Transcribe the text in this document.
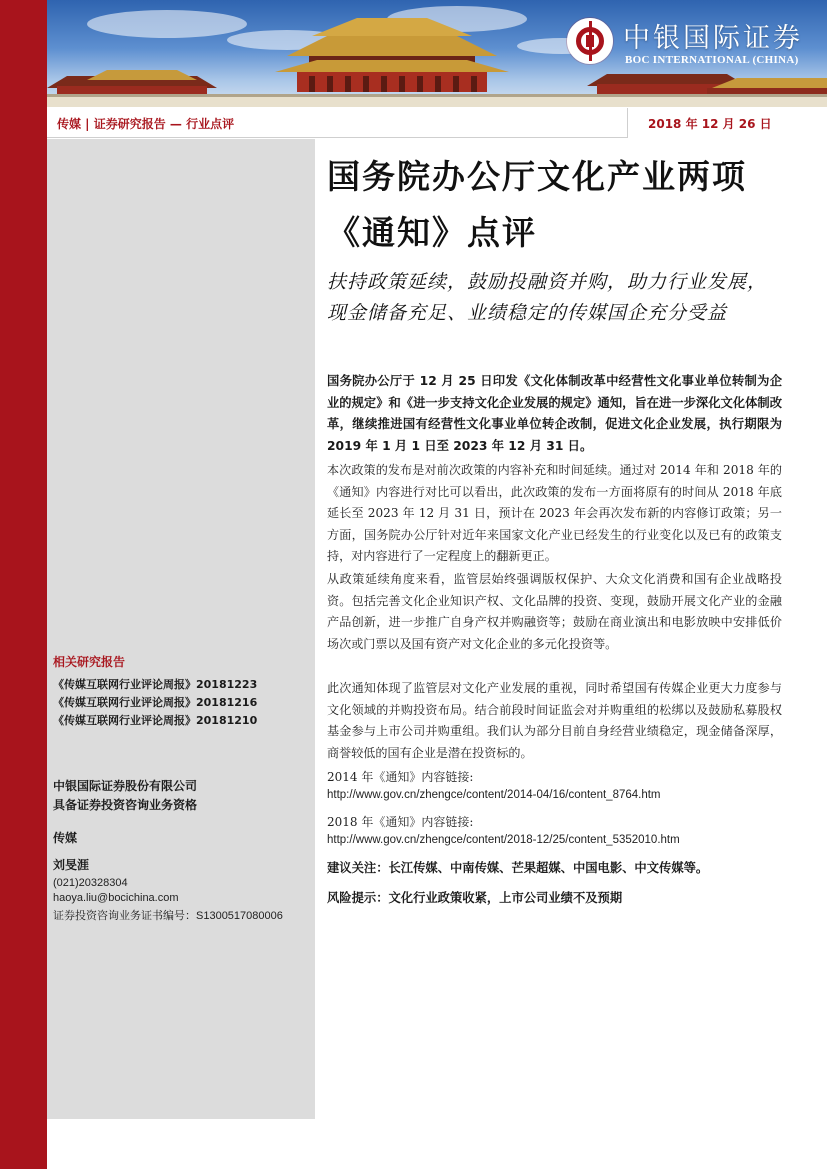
中银国际证券
BOC INTERNATIONAL (CHINA)
传媒 | 证券研究报告 — 行业点评	2018 年 12 月 26 日
相关研究报告
《传媒互联网行业评论周报》20181223
《传媒互联网行业评论周报》20181216
《传媒互联网行业评论周报》20181210
中银国际证券股份有限公司
具备证券投资咨询业务资格
传媒
刘旻涯
(021)20328304
haoya.liu@bocichina.com
证券投资咨询业务证书编号：S1300517080006
国务院办公厅文化产业两项《通知》点评
扶持政策延续，鼓励投融资并购，助力行业发展，现金储备充足、业绩稳定的传媒国企充分受益
国务院办公厅于 12 月 25 日印发《文化体制改革中经营性文化事业单位转制为企业的规定》和《进一步支持文化企业发展的规定》通知，旨在进一步深化文化体制改革，继续推进国有经营性文化事业单位转企改制，促进文化企业发展，执行期限为 2019 年 1 月 1 日至 2023 年 12 月 31 日。
本次政策的发布是对前次政策的内容补充和时间延续。通过对 2014 年和 2018 年的《通知》内容进行对比可以看出，此次政策的发布一方面将原有的时间从 2018 年底延长至 2023 年 12 月 31 日，预计在 2023 年会再次发布新的内容修订政策；另一方面，国务院办公厅针对近年来国家文化产业已经发生的行业变化以及已有的政策支持，对内容进行了一定程度上的翻新更正。
从政策延续角度来看，监管层始终强调版权保护、大众文化消费和国有企业战略投资。包括完善文化企业知识产权、文化品牌的投资、变现，鼓励开展文化产业的金融产品创新，进一步推广自身产权并购融资等；鼓励在商业演出和电影放映中安排低价场次或门票以及国有资产对文化企业的多元化投资等。
此次通知体现了监管层对文化产业发展的重视，同时希望国有传媒企业更大力度参与文化领域的并购投资布局。结合前段时间证监会对并购重组的松绑以及鼓励私募股权基金参与上市公司并购重组。我们认为部分目前自身经营业绩稳定，现金储备深厚，商誉较低的国有企业是潜在投资标的。
2014 年《通知》内容链接:
http://www.gov.cn/zhengce/content/2014-04/16/content_8764.htm
2018 年《通知》内容链接:
http://www.gov.cn/zhengce/content/2018-12/25/content_5352010.htm
建议关注：长江传媒、中南传媒、芒果超媒、中国电影、中文传媒等。
风险提示：文化行业政策收紧，上市公司业绩不及预期
